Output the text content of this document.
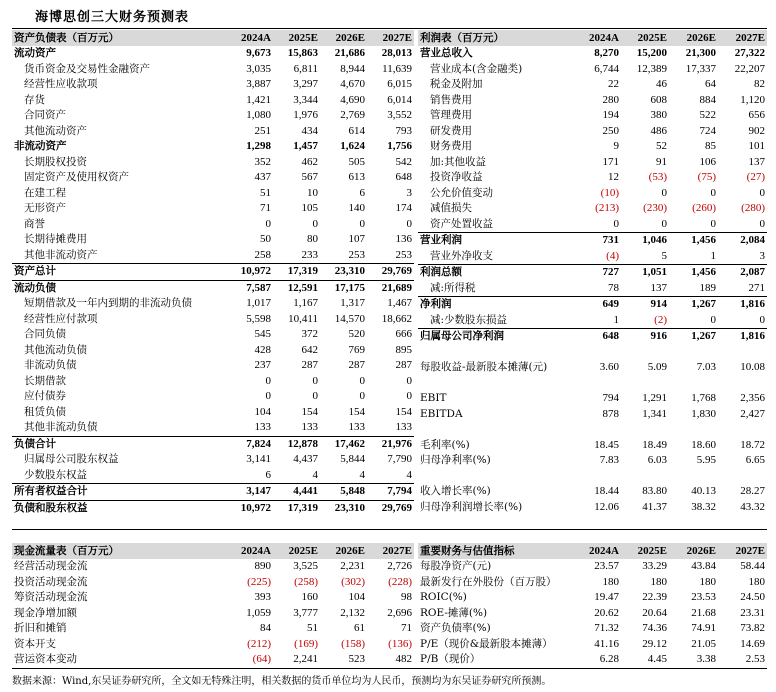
海博思创三大财务预测表
资产负债表（百万元）	2024A	2025E	2026E	2027E
流动资产	9,673	15,863	21,686	28,013
货币资金及交易性金融资产	3,035	6,811	8,944	11,639
经营性应收款项	3,887	3,297	4,670	6,015
存货	1,421	3,344	4,690	6,014
合同资产	1,080	1,976	2,769	3,552
其他流动资产	251	434	614	793
非流动资产	1,298	1,457	1,624	1,756
长期股权投资	352	462	505	542
固定资产及使用权资产	437	567	613	648
在建工程	51	10	6	3
无形资产	71	105	140	174
商誉	0	0	0	0
长期待摊费用	50	80	107	136
其他非流动资产	258	233	253	253
资产总计	10,972	17,319	23,310	29,769
流动负债	7,587	12,591	17,175	21,689
短期借款及一年内到期的非流动负债	1,017	1,167	1,317	1,467
经营性应付款项	5,598	10,411	14,570	18,662
合同负债	545	372	520	666
其他流动负债	428	642	769	895
非流动负债	237	287	287	287
长期借款	0	0	0	0
应付债券	0	0	0	0
租赁负债	104	154	154	154
其他非流动负债	133	133	133	133
负债合计	7,824	12,878	17,462	21,976
归属母公司股东权益	3,141	4,437	5,844	7,790
少数股东权益	6	4	4	4
所有者权益合计	3,147	4,441	5,848	7,794
负债和股东权益	10,972	17,319	23,310	29,769
利润表（百万元）	2024A	2025E	2026E	2027E
营业总收入	8,270	15,200	21,300	27,322
营业成本(含金融类)	6,744	12,389	17,337	22,207
税金及附加	22	46	64	82
销售费用	280	608	884	1,120
管理费用	194	380	522	656
研发费用	250	486	724	902
财务费用	9	52	85	101
加:其他收益	171	91	106	137
投资净收益	12	(53)	(75)	(27)
公允价值变动	(10)	0	0	0
减值损失	(213)	(230)	(260)	(280)
资产处置收益	0	0	0	0
营业利润	731	1,046	1,456	2,084
营业外净收支	(4)	5	1	3
利润总额	727	1,051	1,456	2,087
减:所得税	78	137	189	271
净利润	649	914	1,267	1,816
减:少数股东损益	1	(2)	0	0
归属母公司净利润	648	916	1,267	1,816

每股收益-最新股本摊薄(元)	3.60	5.09	7.03	10.08

EBIT	794	1,291	1,768	2,356
EBITDA	878	1,341	1,830	2,427

毛利率(%)	18.45	18.49	18.60	18.72
归母净利率(%)	7.83	6.03	5.95	6.65

收入增长率(%)	18.44	83.80	40.13	28.27
归母净利润增长率(%)	12.06	41.37	38.32	43.32
现金流量表（百万元）	2024A	2025E	2026E	2027E
经营活动现金流	890	3,525	2,231	2,726
投资活动现金流	(225)	(258)	(302)	(228)
筹资活动现金流	393	160	104	98
现金净增加额	1,059	3,777	2,132	2,696
折旧和摊销	84	51	61	71
资本开支	(212)	(169)	(158)	(136)
营运资本变动	(64)	2,241	523	482
重要财务与估值指标	2024A	2025E	2026E	2027E
每股净资产(元)	23.57	33.29	43.84	58.44
最新发行在外股份（百万股）	180	180	180	180
ROIC(%)	19.47	22.39	23.53	24.50
ROE-摊薄(%)	20.62	20.64	21.68	23.31
资产负债率(%)	71.32	74.36	74.91	73.82
P/E（现价&最新股本摊薄）	41.16	29.12	21.05	14.69
P/B（现价）	6.28	4.45	3.38	2.53
数据来源：Wind,东吴证券研究所，全文如无特殊注明，相关数据的货币单位均为人民币，预测均为东吴证券研究所预测。
